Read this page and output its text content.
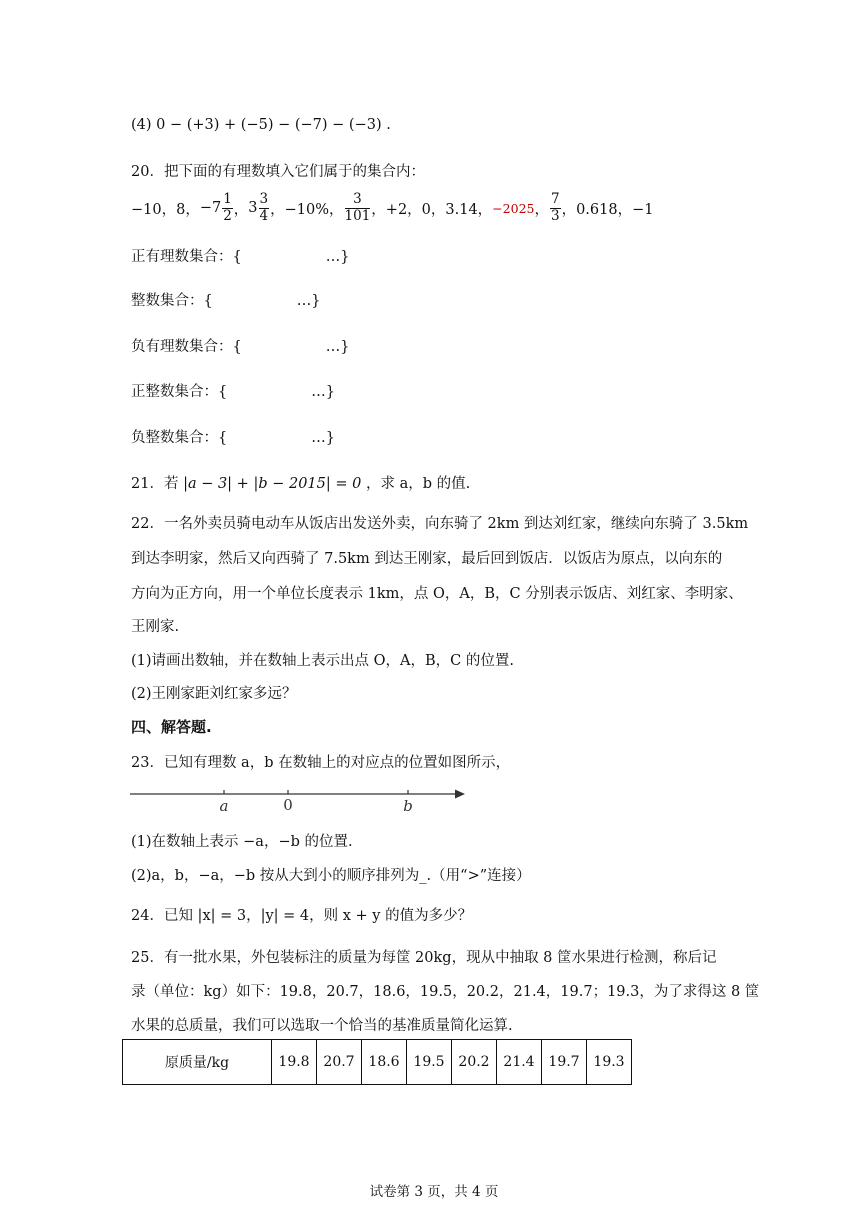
(4) 0 − (+3) + (−5) − (−7) − (−3) .
20．把下面的有理数填入它们属于的集合内：
−10，8， $-7 \frac{1}{2}$ ， $3 \frac{3}{4}$ ，−10%， $\frac{3}{101}$ ，+2，0，3.14， −2025 ， $\frac{7}{3}$ ，0.618，−1
正有理数集合：{	…}
整数集合：{	…}
负有理数集合：{	…}
正整数集合：{	…}
负整数集合：{	…}
21．若 |a − 3| + |b − 2015| = 0 ，求 a，b 的值.
22．一名外卖员骑电动车从饭店出发送外卖，向东骑了 2km 到达刘红家，继续向东骑了 3.5km
到达李明家，然后又向西骑了 7.5km 到达王刚家，最后回到饭店．以饭店为原点，以向东的
方向为正方向，用一个单位长度表示 1km，点 O，A，B，C 分别表示饭店、刘红家、李明家、
王刚家.
(1)请画出数轴，并在数轴上表示出点 O，A，B，C 的位置.
(2)王刚家距刘红家多远？
四、解答题.
23．已知有理数 a，b 在数轴上的对应点的位置如图所示，
a	0	b
(1)在数轴上表示 −a，−b 的位置.
(2)a，b，−a，−b 按从大到小的顺序排列为_.（用“>”连接）
24．已知 |x| = 3，|y| = 4，则 x + y 的值为多少？
25．有一批水果，外包装标注的质量为每筐 20kg，现从中抽取 8 筐水果进行检测，称后记
录（单位：kg）如下：19.8，20.7，18.6，19.5，20.2，21.4，19.7；19.3，为了求得这 8 筐
水果的总质量，我们可以选取一个恰当的基准质量简化运算.
原质量/kg	19.8	20.7	18.6	19.5	20.2	21.4	19.7	19.3
试卷第 3 页，共 4 页
